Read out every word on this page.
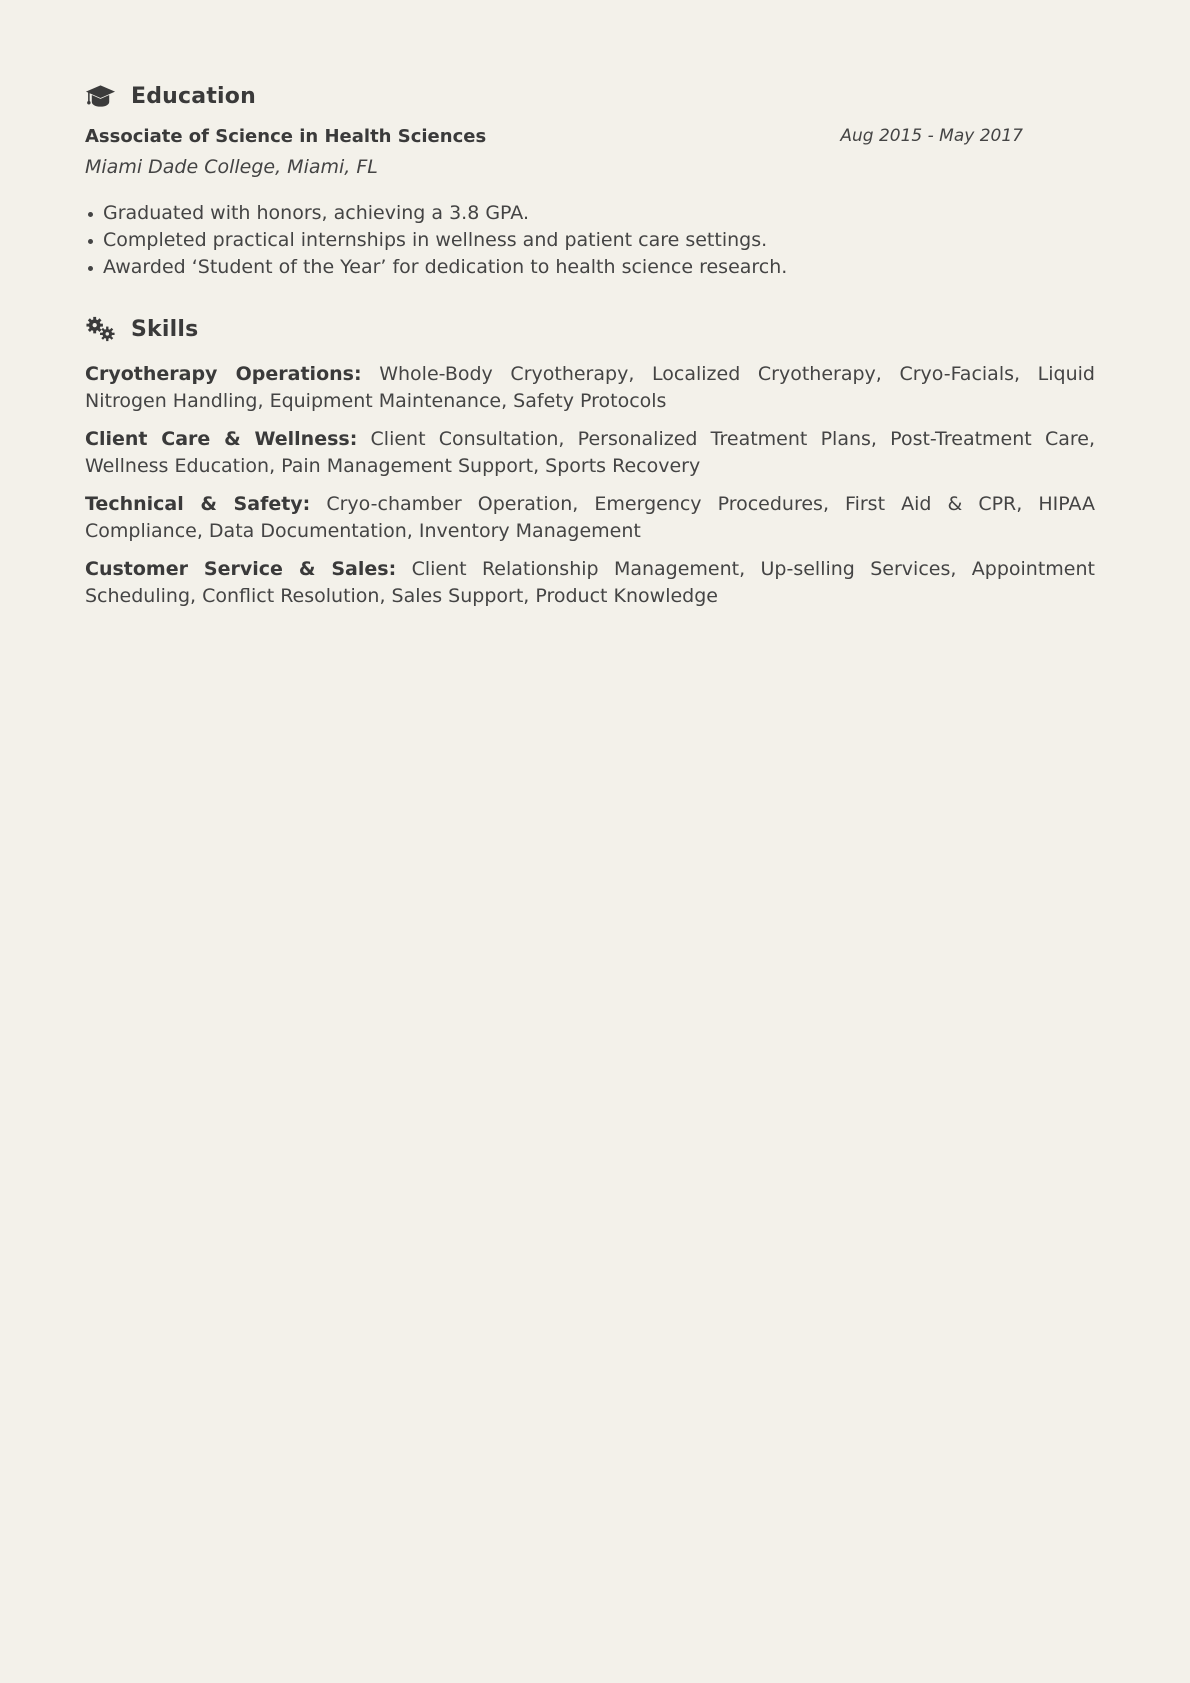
Education
Associate of Science in Health Sciences	Aug 2015 - May 2017
Miami Dade College, Miami, FL
Graduated with honors, achieving a 3.8 GPA.
Completed practical internships in wellness and patient care settings.
Awarded ‘Student of the Year’ for dedication to health science research.
Skills
Cryotherapy Operations: Whole-Body Cryotherapy, Localized Cryotherapy, Cryo-Facials, Liquid Nitrogen Handling, Equipment Maintenance, Safety Protocols
Client Care & Wellness: Client Consultation, Personalized Treatment Plans, Post-Treatment Care, Wellness Education, Pain Management Support, Sports Recovery
Technical & Safety: Cryo-chamber Operation, Emergency Procedures, First Aid & CPR, HIPAA Compliance, Data Documentation, Inventory Management
Customer Service & Sales: Client Relationship Management, Up-selling Services, Appointment Scheduling, Conflict Resolution, Sales Support, Product Knowledge
